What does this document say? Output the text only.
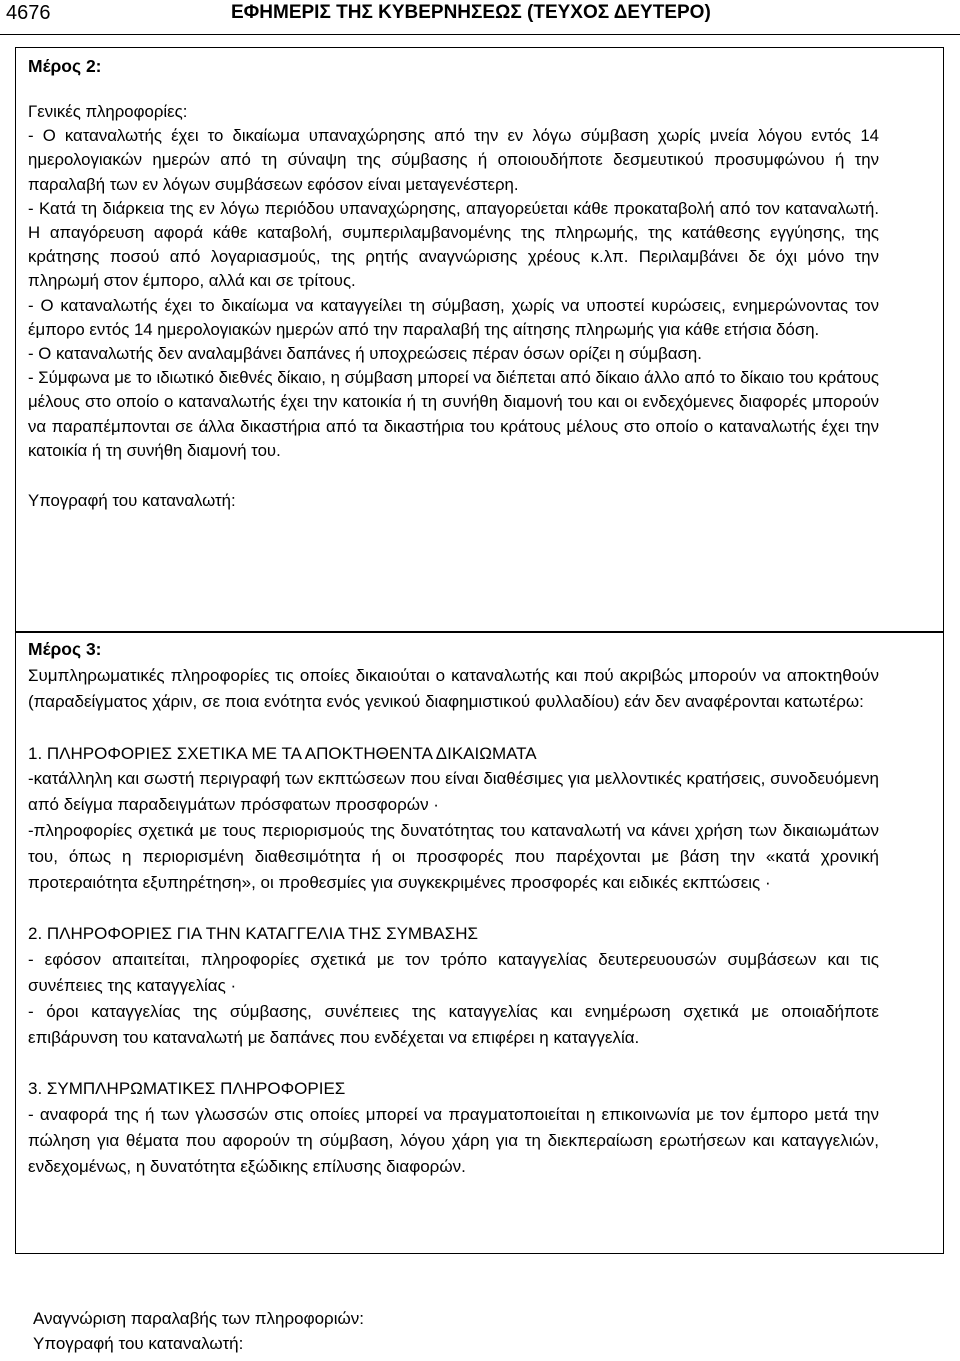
4676	ΕΦΗΜΕΡΙΣ ΤΗΣ ΚΥΒΕΡΝΗΣΕΩΣ (ΤΕΥΧΟΣ ΔΕΥΤΕΡΟ)
Μέρος 2:

Γενικές πληροφορίες:

- Ο καταναλωτής έχει το δικαίωμα υπαναχώρησης από την εν λόγω σύμβαση χωρίς μνεία λόγου εντός 14 ημερολογιακών ημερών από τη σύναψη της σύμβασης ή οποιουδήποτε δεσμευτικού προσυμφώνου ή την παραλαβή των εν λόγων συμβάσεων εφόσον είναι μεταγενέστερη.

- Κατά τη διάρκεια της εν λόγω περιόδου υπαναχώρησης, απαγορεύεται κάθε προκαταβολή από τον καταναλωτή. Η απαγόρευση αφορά κάθε καταβολή, συμπεριλαμβανομένης της πληρωμής, της κατάθεσης εγγύησης, της κράτησης ποσού από λογαριασμούς, της ρητής αναγνώρισης χρέους κ.λπ. Περιλαμβάνει δε όχι μόνο την πληρωμή στον έμπορο, αλλά και σε τρίτους.

- Ο καταναλωτής έχει το δικαίωμα να καταγγείλει τη σύμβαση, χωρίς να υποστεί κυρώσεις, ενημερώνοντας τον έμπορο εντός 14 ημερολογιακών ημερών από την παραλαβή της αίτησης πληρωμής για κάθε ετήσια δόση.

- Ο καταναλωτής δεν αναλαμβάνει δαπάνες ή υποχρεώσεις πέραν όσων ορίζει η σύμβαση.

- Σύμφωνα με το ιδιωτικό διεθνές δίκαιο, η σύμβαση μπορεί να διέπεται από δίκαιο άλλο από το δίκαιο του κράτους μέλους στο οποίο ο καταναλωτής έχει την κατοικία ή τη συνήθη διαμονή του και οι ενδεχόμενες διαφορές μπορούν να παραπέμπονται σε άλλα δικαστήρια από τα δικαστήρια του κράτους μέλους στο οποίο ο καταναλωτής έχει την κατοικία ή τη συνήθη διαμονή του.

Υπογραφή του καταναλωτή:

Μέρος 3:

Συμπληρωματικές πληροφορίες τις οποίες δικαιούται ο καταναλωτής και πού ακριβώς μπορούν να αποκτηθούν (παραδείγματος χάριν, σε ποια ενότητα ενός γενικού διαφημιστικού φυλλαδίου) εάν δεν αναφέρονται κατωτέρω:

1. ΠΛΗΡΟΦΟΡΙΕΣ ΣΧΕΤΙΚΑ ΜΕ ΤΑ ΑΠΟΚΤΗΘΕΝΤΑ ΔΙΚΑΙΩΜΑΤΑ

-κατάλληλη και σωστή περιγραφή των εκπτώσεων που είναι διαθέσιμες για μελλοντικές κρατήσεις, συνοδευόμενη από δείγμα παραδειγμάτων πρόσφατων προσφορών ·

-πληροφορίες σχετικά με τους περιορισμούς της δυνατότητας του καταναλωτή να κάνει χρήση των δικαιωμάτων του, όπως η περιορισμένη διαθεσιμότητα ή οι προσφορές που παρέχονται με βάση την «κατά χρονική προτεραιότητα εξυπηρέτηση», οι προθεσμίες για συγκεκριμένες προσφορές και ειδικές εκπτώσεις ·

2. ΠΛΗΡΟΦΟΡΙΕΣ ΓΙΑ ΤΗΝ ΚΑΤΑΓΓΕΛΙΑ ΤΗΣ ΣΥΜΒΑΣΗΣ

- εφόσον απαιτείται, πληροφορίες σχετικά με τον τρόπο καταγγελίας δευτερευουσών συμβάσεων και τις συνέπειες της καταγγελίας ·

- όροι καταγγελίας της σύμβασης, συνέπειες της καταγγελίας και ενημέρωση σχετικά με οποιαδήποτε επιβάρυνση του καταναλωτή με δαπάνες που ενδέχεται να επιφέρει η καταγγελία.

3. ΣΥΜΠΛΗΡΩΜΑΤΙΚΕΣ ΠΛΗΡΟΦΟΡΙΕΣ

- αναφορά της ή των γλωσσών στις οποίες μπορεί να πραγματοποιείται η επικοινωνία με τον έμπορο μετά την πώληση για θέματα που αφορούν τη σύμβαση, λόγου χάρη για τη διεκπεραίωση ερωτήσεων και καταγγελιών, ενδεχομένως, η δυνατότητα εξώδικης επίλυσης διαφορών.

Αναγνώριση παραλαβής των πληροφοριών:
Υπογραφή του καταναλωτή:
